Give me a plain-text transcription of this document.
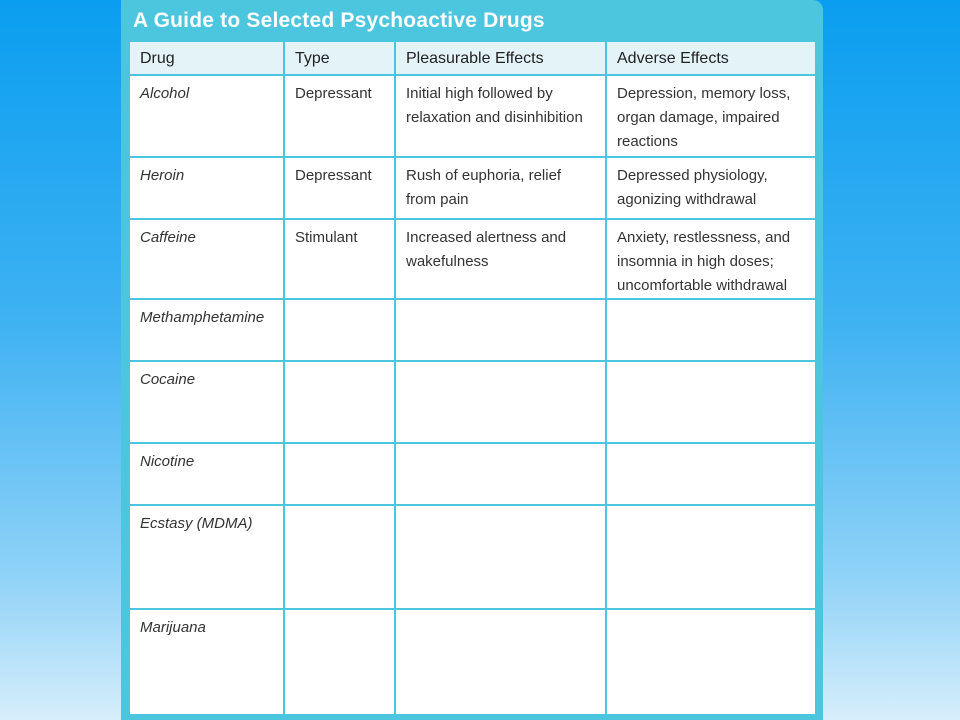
A Guide to Selected Psychoactive Drugs
Drug	Type	Pleasurable Effects	Adverse Effects
Alcohol	Depressant	Initial high followed by relaxation and disinhibition	Depression, memory loss, organ damage, impaired reactions
Heroin	Depressant	Rush of euphoria, relief from pain	Depressed physiology, agonizing withdrawal
Caffeine	Stimulant	Increased alertness and wakefulness	Anxiety, restlessness, and insomnia in high doses; uncomfortable withdrawal
Methamphetamine			
Cocaine			
Nicotine			
Ecstasy (MDMA)			
Marijuana			
